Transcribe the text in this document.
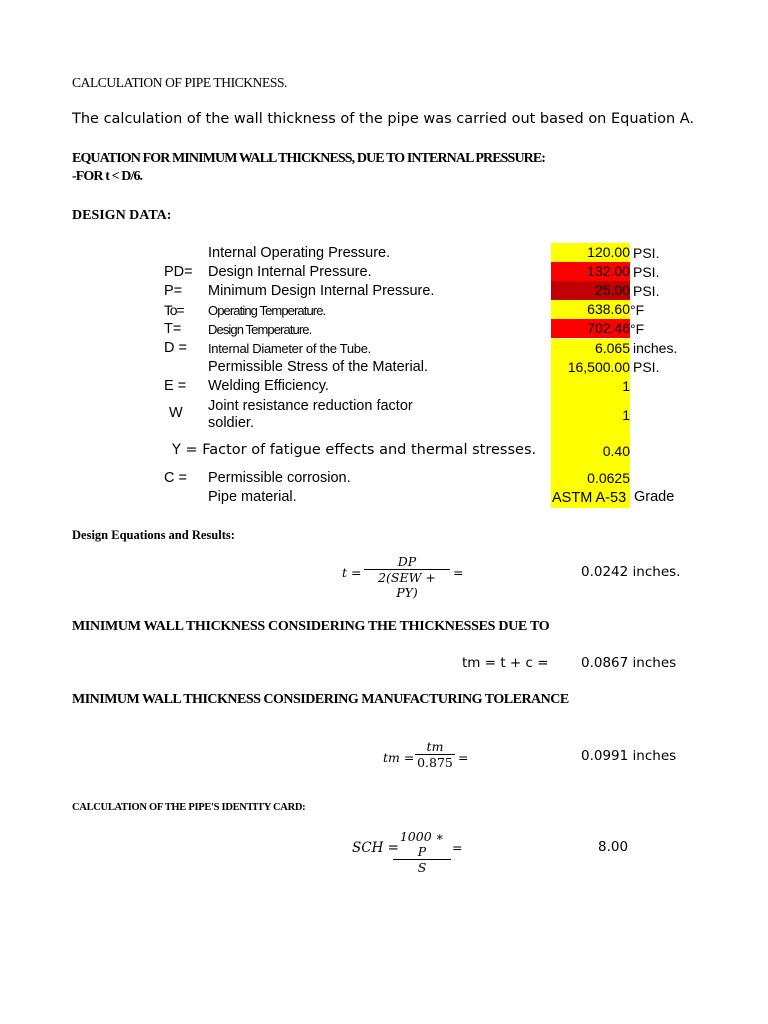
CALCULATION OF PIPE THICKNESS.
The calculation of the wall thickness of the pipe was carried out based on Equation A.
EQUATION FOR MINIMUM WALL THICKNESS, DUE TO INTERNAL PRESSURE:
-FOR t < D/6.
DESIGN DATA:
Internal Operating Pressure.	120.00 PSI.
PD= Design Internal Pressure.	132.00 PSI.
P= Minimum Design Internal Pressure.	25.00 PSI.
To= Operating Temperature.	638.60 °F
T= Design Temperature.	702.46 °F
D = Internal Diameter of the Tube.	6.065 inches.
Permissible Stress of the Material.	16,500.00 PSI.
E = Welding Efficiency.	1
W Joint resistance reduction factor
soldier.	1
Y = Factor of fatigue effects and thermal stresses.	0.40
C = Permissible corrosion.	0.0625
Pipe material.	ASTM A-53 Grade
Design Equations and Results:
t =
DP
2(SEW + PY)
=	0.0242 inches.
MINIMUM WALL THICKNESS CONSIDERING THE THICKNESSES DUE TO
tm = t + c = 0.0867 inches
MINIMUM WALL THICKNESS CONSIDERING MANUFACTURING TOLERANCE
tm = $\frac{tm}{0.875}$ =	0.0991 inches
CALCULATION OF THE PIPE'S IDENTITY CARD:
SCH =
$\frac{1000 ∗ P}{S}$ =	8.00
